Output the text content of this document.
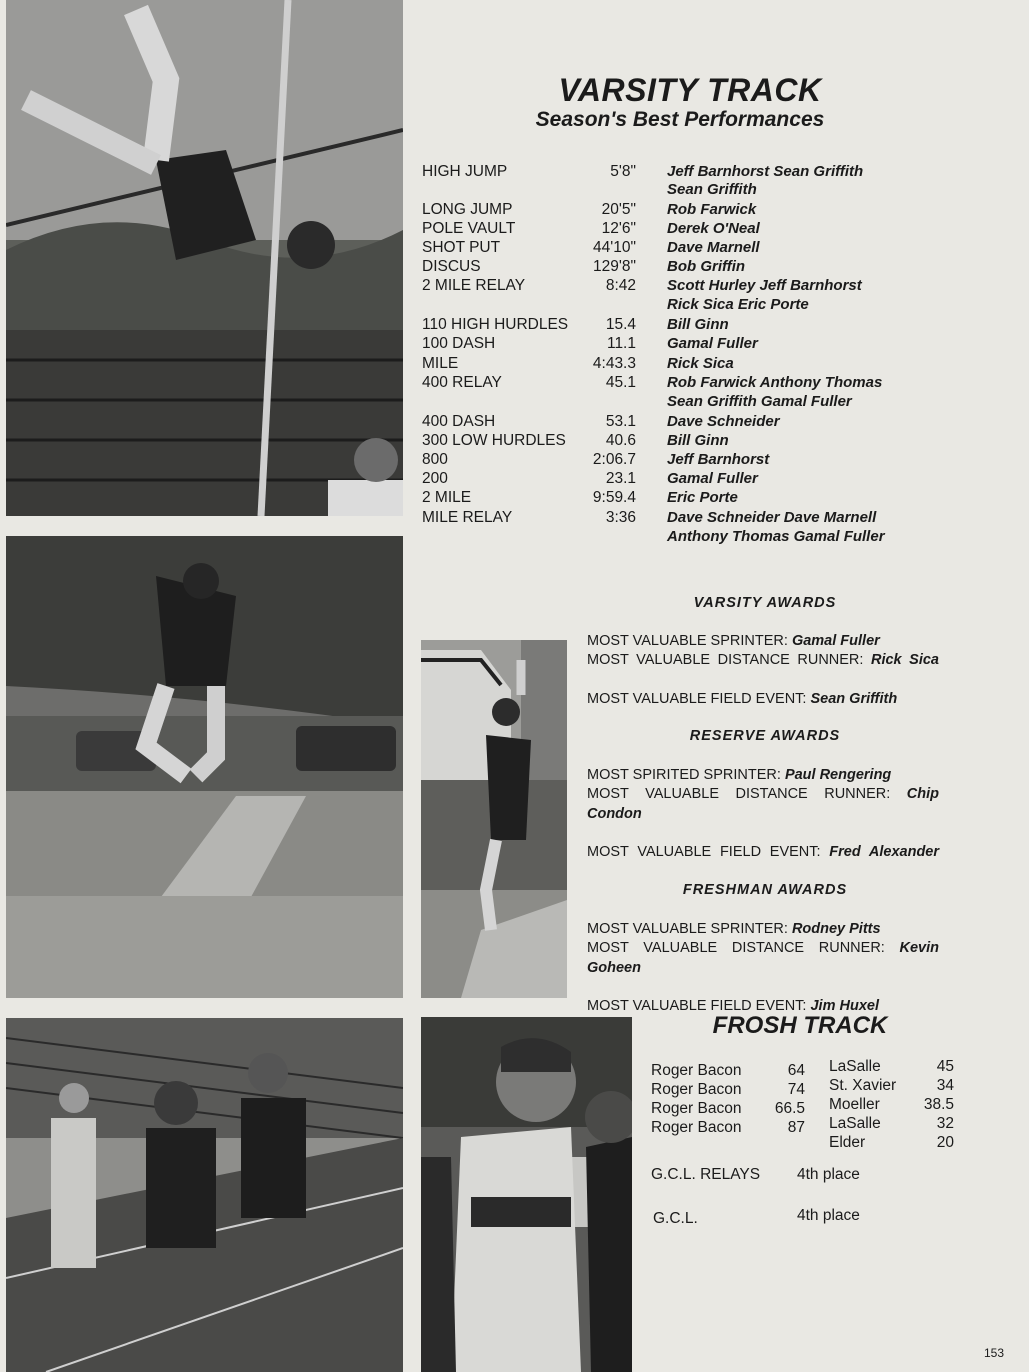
VARSITY TRACK
Season's Best Performances
HIGH JUMP	5'8" Jeff Barnhorst Sean Griffith
Sean Griffith
LONG JUMP	20'5" Rob Farwick
POLE VAULT	12'6" Derek O'Neal
SHOT PUT	44'10" Dave Marnell
DISCUS	129'8" Bob Griffin
2 MILE RELAY	8:42 Scott Hurley Jeff Barnhorst
Rick Sica Eric Porte
110 HIGH HURDLES	15.4 Bill Ginn
100 DASH	11.1 Gamal Fuller
MILE	4:43.3 Rick Sica
400 RELAY	45.1 Rob Farwick Anthony Thomas
Sean Griffith Gamal Fuller
400 DASH	53.1 Dave Schneider
300 LOW HURDLES	40.6 Bill Ginn
800	2:06.7 Jeff Barnhorst
200	23.1 Gamal Fuller
2 MILE	9:59.4 Eric Porte
MILE RELAY	3:36 Dave Schneider Dave Marnell
Anthony Thomas Gamal Fuller
VARSITY AWARDS
MOST VALUABLE SPRINTER: Gamal Fuller
MOST VALUABLE DISTANCE RUNNER: Rick Sica
MOST VALUABLE FIELD EVENT: Sean Griffith
RESERVE AWARDS
MOST SPIRITED SPRINTER: Paul Rengering
MOST VALUABLE DISTANCE RUNNER: Chip Condon
MOST VALUABLE FIELD EVENT: Fred Alexander
FRESHMAN AWARDS
MOST VALUABLE SPRINTER: Rodney Pitts
MOST VALUABLE DISTANCE RUNNER: Kevin Goheen
MOST VALUABLE FIELD EVENT: Jim Huxel
FROSH TRACK
Roger Bacon	64 LaSalle	45
Roger Bacon	74 St. Xavier	34
Roger Bacon	66.5 Moeller	38.5
Roger Bacon	87 LaSalle	32
Elder	20
G.C.L. RELAYS 4th place
G.C.L.	4th place
153
